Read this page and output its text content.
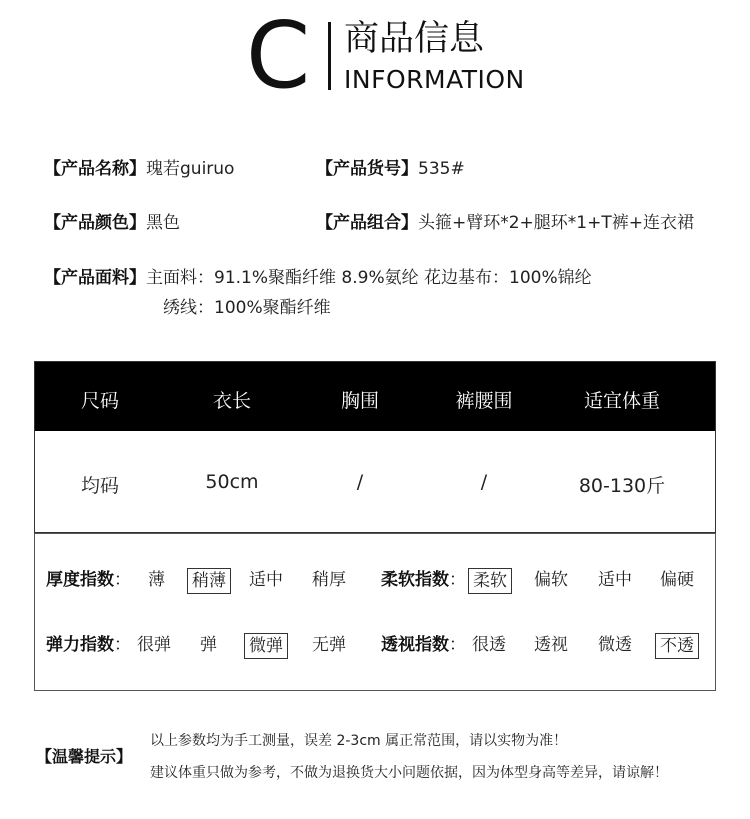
C 商品信息
INFORMATION
【产品名称】瑰若guiruo	【产品货号】535#
【产品颜色】黑色	【产品组合】头箍+臂环*2+腿环*1+T裤+连衣裙
【产品面料】主面料：91.1%聚酯纤维 8.9%氨纶 花边基布：100%锦纶
绣线：100%聚酯纤维
尺码	衣长	胸围	裤腰围	适宜体重
均码	50cm	/	/	80-130斤
厚度指数： 薄 稍薄 适中 稍厚 柔软指数： 柔软 偏软 适中 偏硬
弹力指数： 很弹 弹 微弹 无弹 透视指数： 很透 透视 微透 不透
【温馨提示】
以上参数均为手工测量，误差 2-3cm 属正常范围，请以实物为准！
建议体重只做为参考，不做为退换货大小问题依据，因为体型身高等差异，请谅解！
